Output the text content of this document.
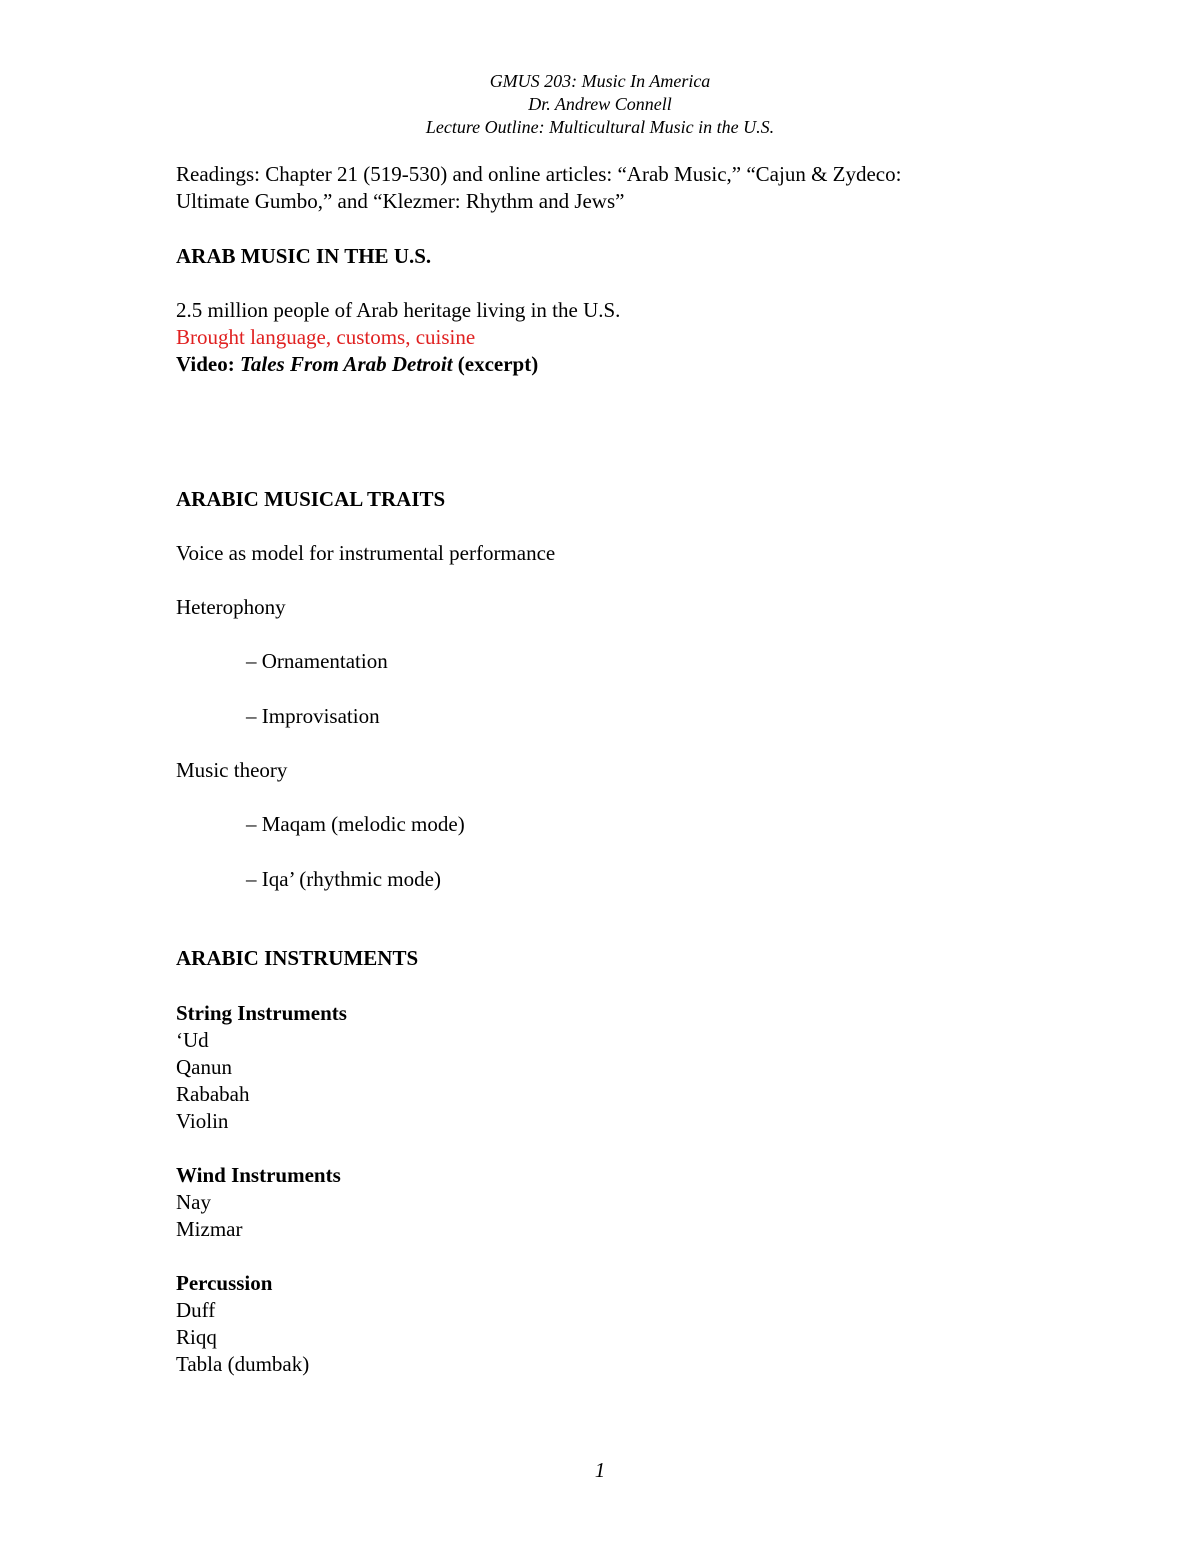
GMUS 203: Music In America
Dr. Andrew Connell
Lecture Outline: Multicultural Music in the U.S.
Readings: Chapter 21 (519-530) and online articles: “Arab Music,” “Cajun & Zydeco:
Ultimate Gumbo,” and “Klezmer: Rhythm and Jews”
ARAB MUSIC IN THE U.S.
2.5 million people of Arab heritage living in the U.S.
Brought language, customs, cuisine
Video: Tales From Arab Detroit (excerpt)
ARABIC MUSICAL TRAITS
Voice as model for instrumental performance
Heterophony
– Ornamentation
– Improvisation
Music theory
– Maqam (melodic mode)
– Iqa’ (rhythmic mode)
ARABIC INSTRUMENTS
String Instruments
‘Ud
Qanun
Rababah
Violin
Wind Instruments
Nay
Mizmar
Percussion
Duff
Riqq
Tabla (dumbak)
1
